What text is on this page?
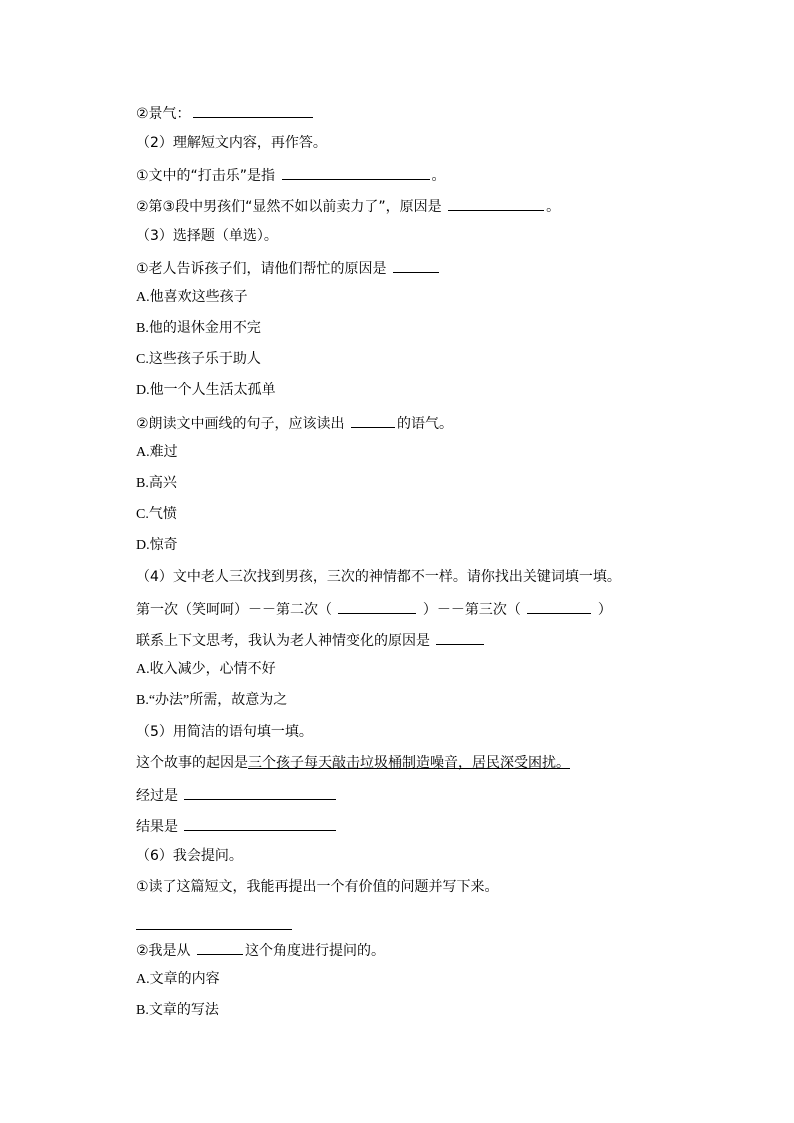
②景气：
（2）理解短文内容，再作答。
①文中的“打击乐”是指	。
②第③段中男孩们“显然不如以前卖力了”，原因是	。
（3）选择题（单选）。
①老人告诉孩子们，请他们帮忙的原因是
A.他喜欢这些孩子
B.他的退休金用不完
C.这些孩子乐于助人
D.他一个人生活太孤单
②朗读文中画线的句子，应该读出	的语气。
A.难过
B.高兴
C.气愤
D.惊奇
（4）文中老人三次找到男孩，三次的神情都不一样。请你找出关键词填一填。
第一次（笑呵呵）－－第二次（	）－－第三次（	）
联系上下文思考，我认为老人神情变化的原因是
A.收入减少，心情不好
B.“办法”所需，故意为之
（5）用简洁的语句填一填。
这个故事的起因是三个孩子每天敲击垃圾桶制造噪音，居民深受困扰。
经过是
结果是
（6）我会提问。
①读了这篇短文，我能再提出一个有价值的问题并写下来。
②我是从	这个角度进行提问的。
A.文章的内容
B.文章的写法
